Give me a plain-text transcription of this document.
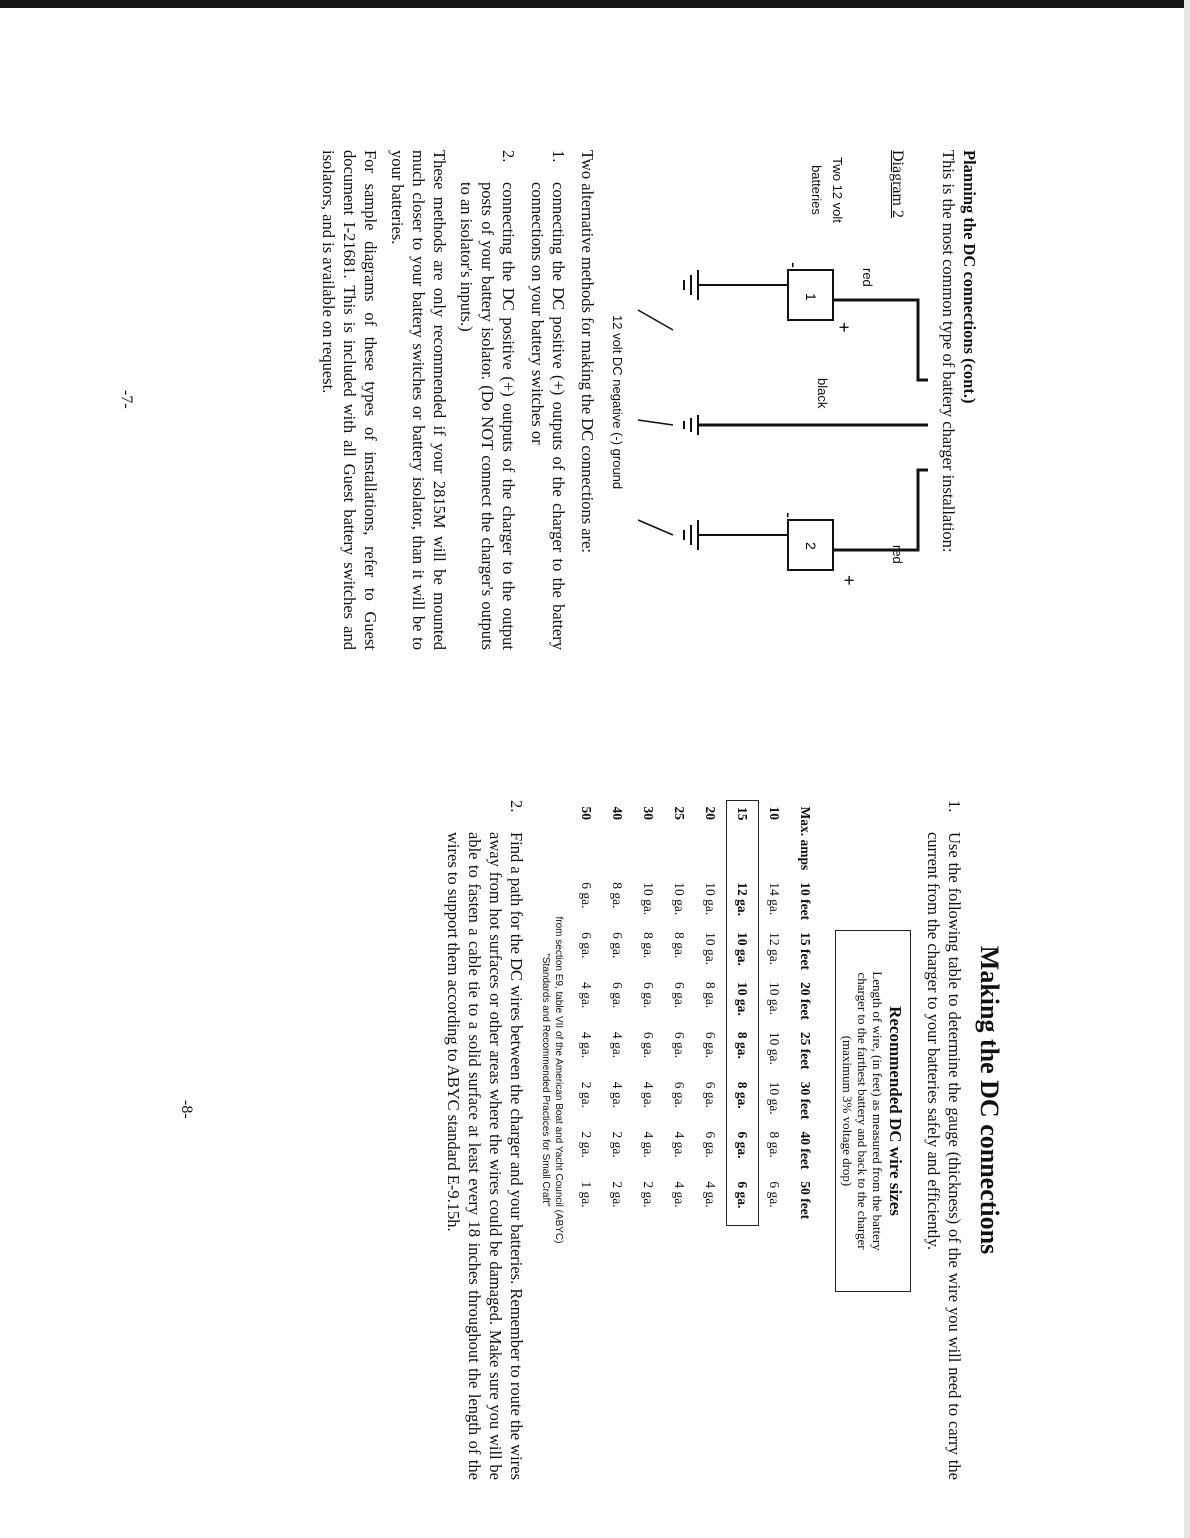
Planning the DC connections (cont.)
This is the most common type of battery charger installation:
Diagram 2
Two 12 volt batteries
red
red
black
12 volt DC negative (-) ground
1
+
-
2
+
-
Two alternative methods for making the DC connections are:
1.
connecting the DC positive (+) outputs of the charger to the battery connections on your battery switches or
2.
connecting the DC positive (+) outputs of the charger to the output posts of your battery isolator. (Do NOT connect the charger's outputs to an isolator's inputs.)
These methods are only recommended if your 2815M will be mounted much closer to your battery switches or battery isolator, than it will be to your batteries.
For sample diagrams of these types of installations, refer to Guest document I-21681. This is included with all Guest battery switches and isolators, and is available on request.
-7-
Making the DC connections
1.
Use the following table to determine the gauge (thickness) of the wire you will need to carry the current from the charger to your batteries safely and efficiently.
Recommended DC wire sizes
Length of wire, (in feet) as measured from the battery
charger to the farthest battery and back to the charger
(maximum 3% voltage drop)
Max. amps	10 feet	15 feet	20 feet	25 feet	30 feet	40 feet	50 feet
10	14 ga.	12 ga.	10 ga.	10 ga.	10 ga.	8 ga.	6 ga.
15	12 ga.	10 ga.	10 ga.	8 ga.	8 ga.	6 ga.	6 ga.
20	10 ga.	10 ga.	8 ga.	6 ga.	6 ga.	6 ga.	4 ga.
25	10 ga.	8 ga.	6 ga.	6 ga.	6 ga.	4 ga.	4 ga.
30	10 ga.	8 ga.	6 ga.	6 ga.	4 ga.	4 ga.	2 ga.
40	8 ga.	6 ga.	6 ga.	4 ga.	4 ga.	2 ga.	2 ga.
50	6 ga.	6 ga.	4 ga.	4 ga.	2 ga.	2 ga.	1 ga.
from section E9, table VII of the American Boat and Yacht Council (ABYC)
"Standards and Recommended Practices for Small Craft"
2.
Find a path for the DC wires between the charger and your batteries. Remember to route the wires away from hot surfaces or other areas where the wires could be damaged. Make sure you will be able to fasten a cable tie to a solid surface at least every 18 inches throughout the length of the wires to support them according to ABYC standard E-9.15h.
-8-
